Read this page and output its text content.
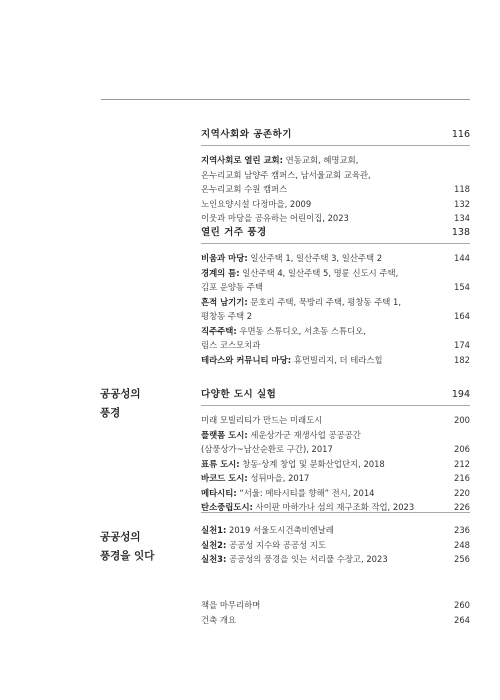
공공성의
풍경
공공성의
풍경을 잇다
지역사회와 공존하기	116
지역사회로 열린 교회: 연동교회, 혜명교회,
온누리교회 남양주 캠퍼스, 남서울교회 교육관,
온누리교회 수원 캠퍼스	118
노인요양시설 다정마을, 2009	132
이웃과 마당을 공유하는 어린이집, 2023	134
열린 거주 풍경	138
비움과 마당: 일산주택 1, 일산주택 3, 일산주택 2	144
경계의 틈: 일산주택 4, 일산주택 5, 명륜 신도시 주택,
김포 운양동 주택	154
흔적 남기기: 문호리 주택, 묵방리 주택, 평창동 주택 1,
평창동 주택 2	164
직주주택: 우면동 스튜디오, 서초동 스튜디오,
림스 코스모치과	174
테라스와 커뮤니티 마당: 휴먼빌리지, 더 테라스힐	182
다양한 도시 실험	194
미래 모빌리티가 만드는 미래도시	200
플랫폼 도시: 세운상가군 재생사업 공공공간
(삼풍상가~남산순환로 구간), 2017	206
표류 도시: 창동·상계 창업 및 문화산업단지, 2018	212
바코드 도시: 성뒤마을, 2017	216
메타시티: “서울: 메타시티를 향해” 전시, 2014	220
탄소중립도시: 사이판 마하가나 섬의 재구조화 작업, 2023	226
실천1: 2019 서울도시건축비엔날레	236
실천2: 공공성 지수와 공공성 지도	248
실천3: 공공성의 풍경을 잇는 서리풀 수장고, 2023	256
책을 마무리하며	260
건축 개요	264
